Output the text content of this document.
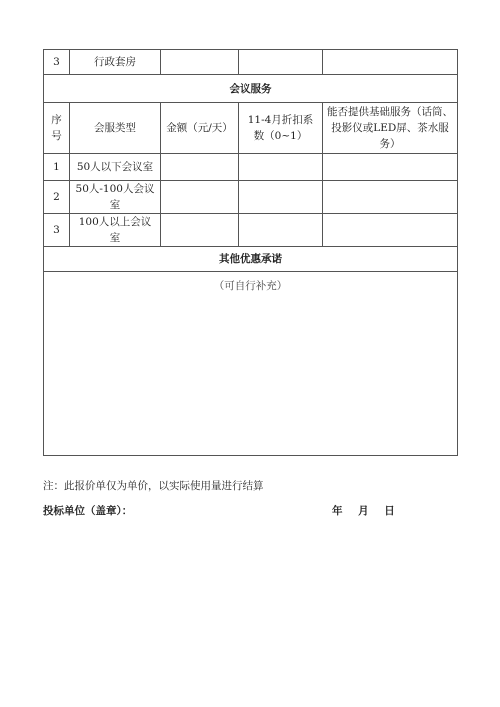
3	行政套房			
会议服务				
序号	会服类型	金额（元/天）	11-4月折扣系数（0~1）	能否提供基础服务（话筒、投影仪或LED屏、茶水服务）
1	50人以下会议室			
2	50人-100人会议室			
3	100人以上会议室			
其他优惠承诺				
（可自行补充）				
注：此报价单仅为单价，以实际使用量进行结算
投标单位（盖章）：	年 月 日
